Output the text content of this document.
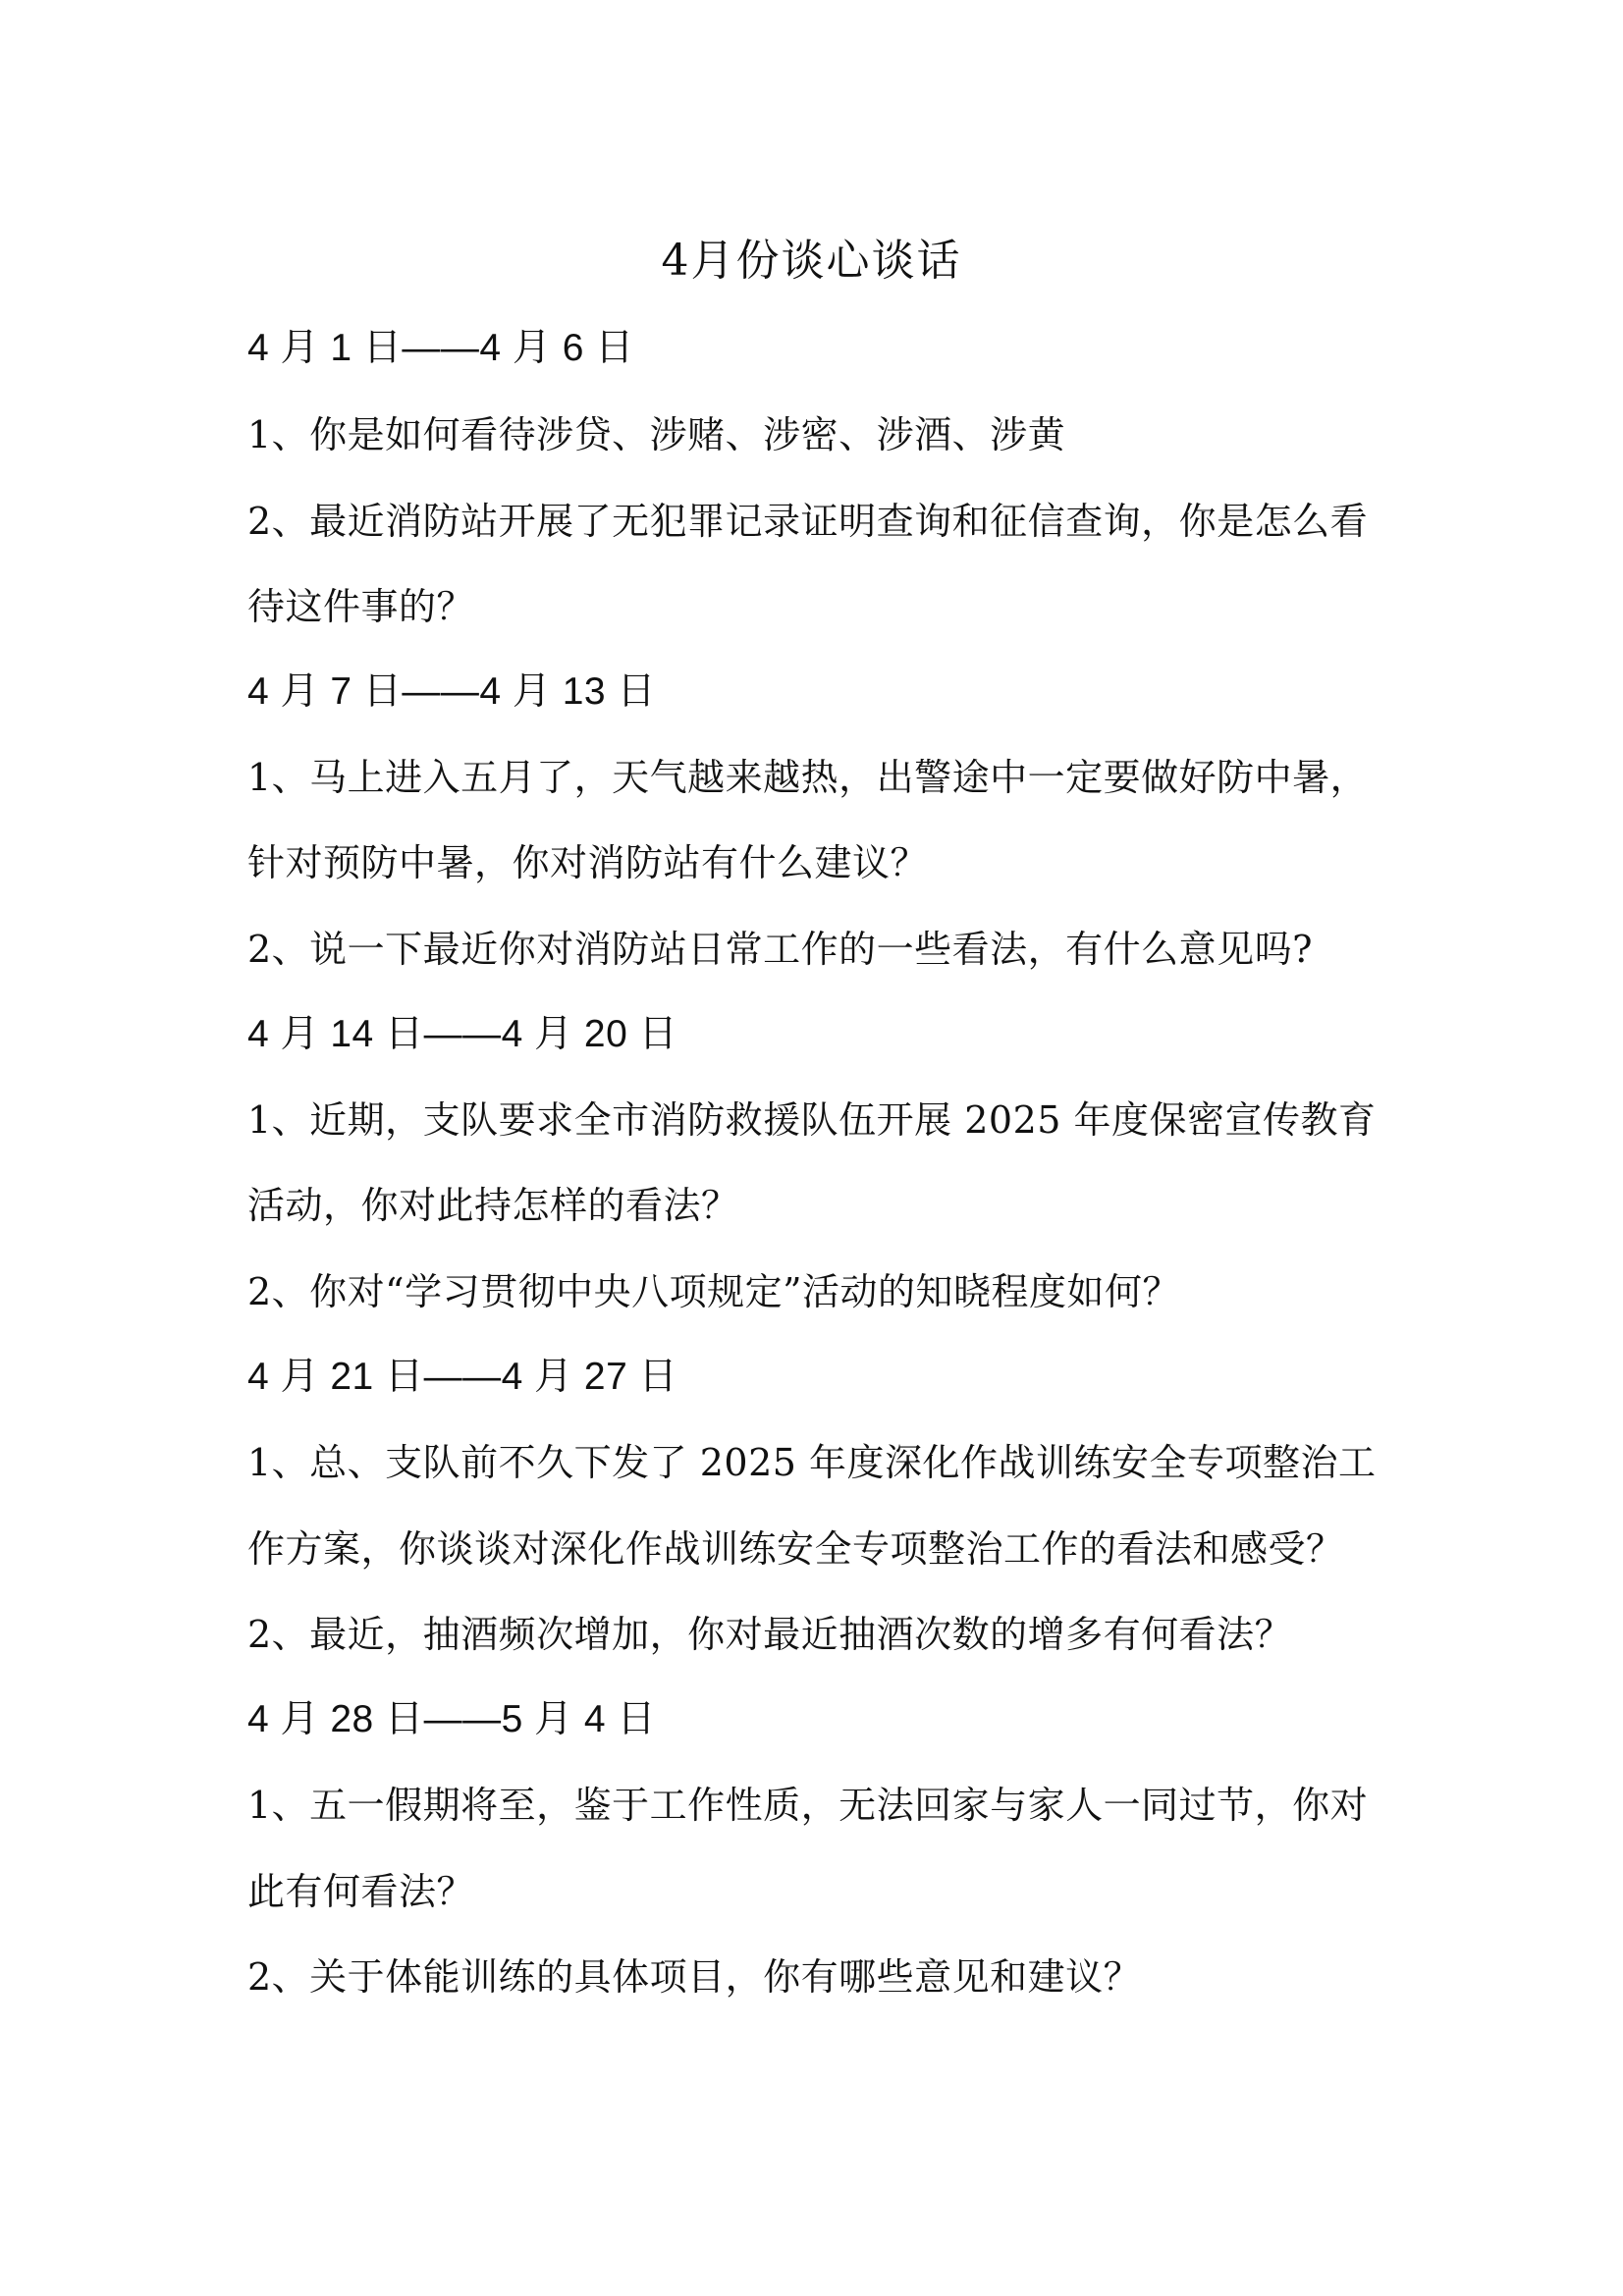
4月份谈心谈话
4 月 1 日——4 月 6 日
1、你是如何看待涉贷、涉赌、涉密、涉酒、涉黄
2、最近消防站开展了无犯罪记录证明查询和征信查询，你是怎么看
待这件事的？
4 月 7 日——4 月 13 日
1、马上进入五月了，天气越来越热，出警途中一定要做好防中暑，
针对预防中暑，你对消防站有什么建议？
2、说一下最近你对消防站日常工作的一些看法，有什么意见吗?
4 月 14 日——4 月 20 日
1、近期，支队要求全市消防救援队伍开展 2025 年度保密宣传教育
活动，你对此持怎样的看法？
2、你对“学习贯彻中央八项规定”活动的知晓程度如何？
4 月 21 日——4 月 27 日
1、总、支队前不久下发了 2025 年度深化作战训练安全专项整治工
作方案，你谈谈对深化作战训练安全专项整治工作的看法和感受？
2、最近，抽酒频次增加，你对最近抽酒次数的增多有何看法？
4 月 28 日——5 月 4 日
1、五一假期将至，鉴于工作性质，无法回家与家人一同过节，你对
此有何看法？
2、关于体能训练的具体项目，你有哪些意见和建议？
